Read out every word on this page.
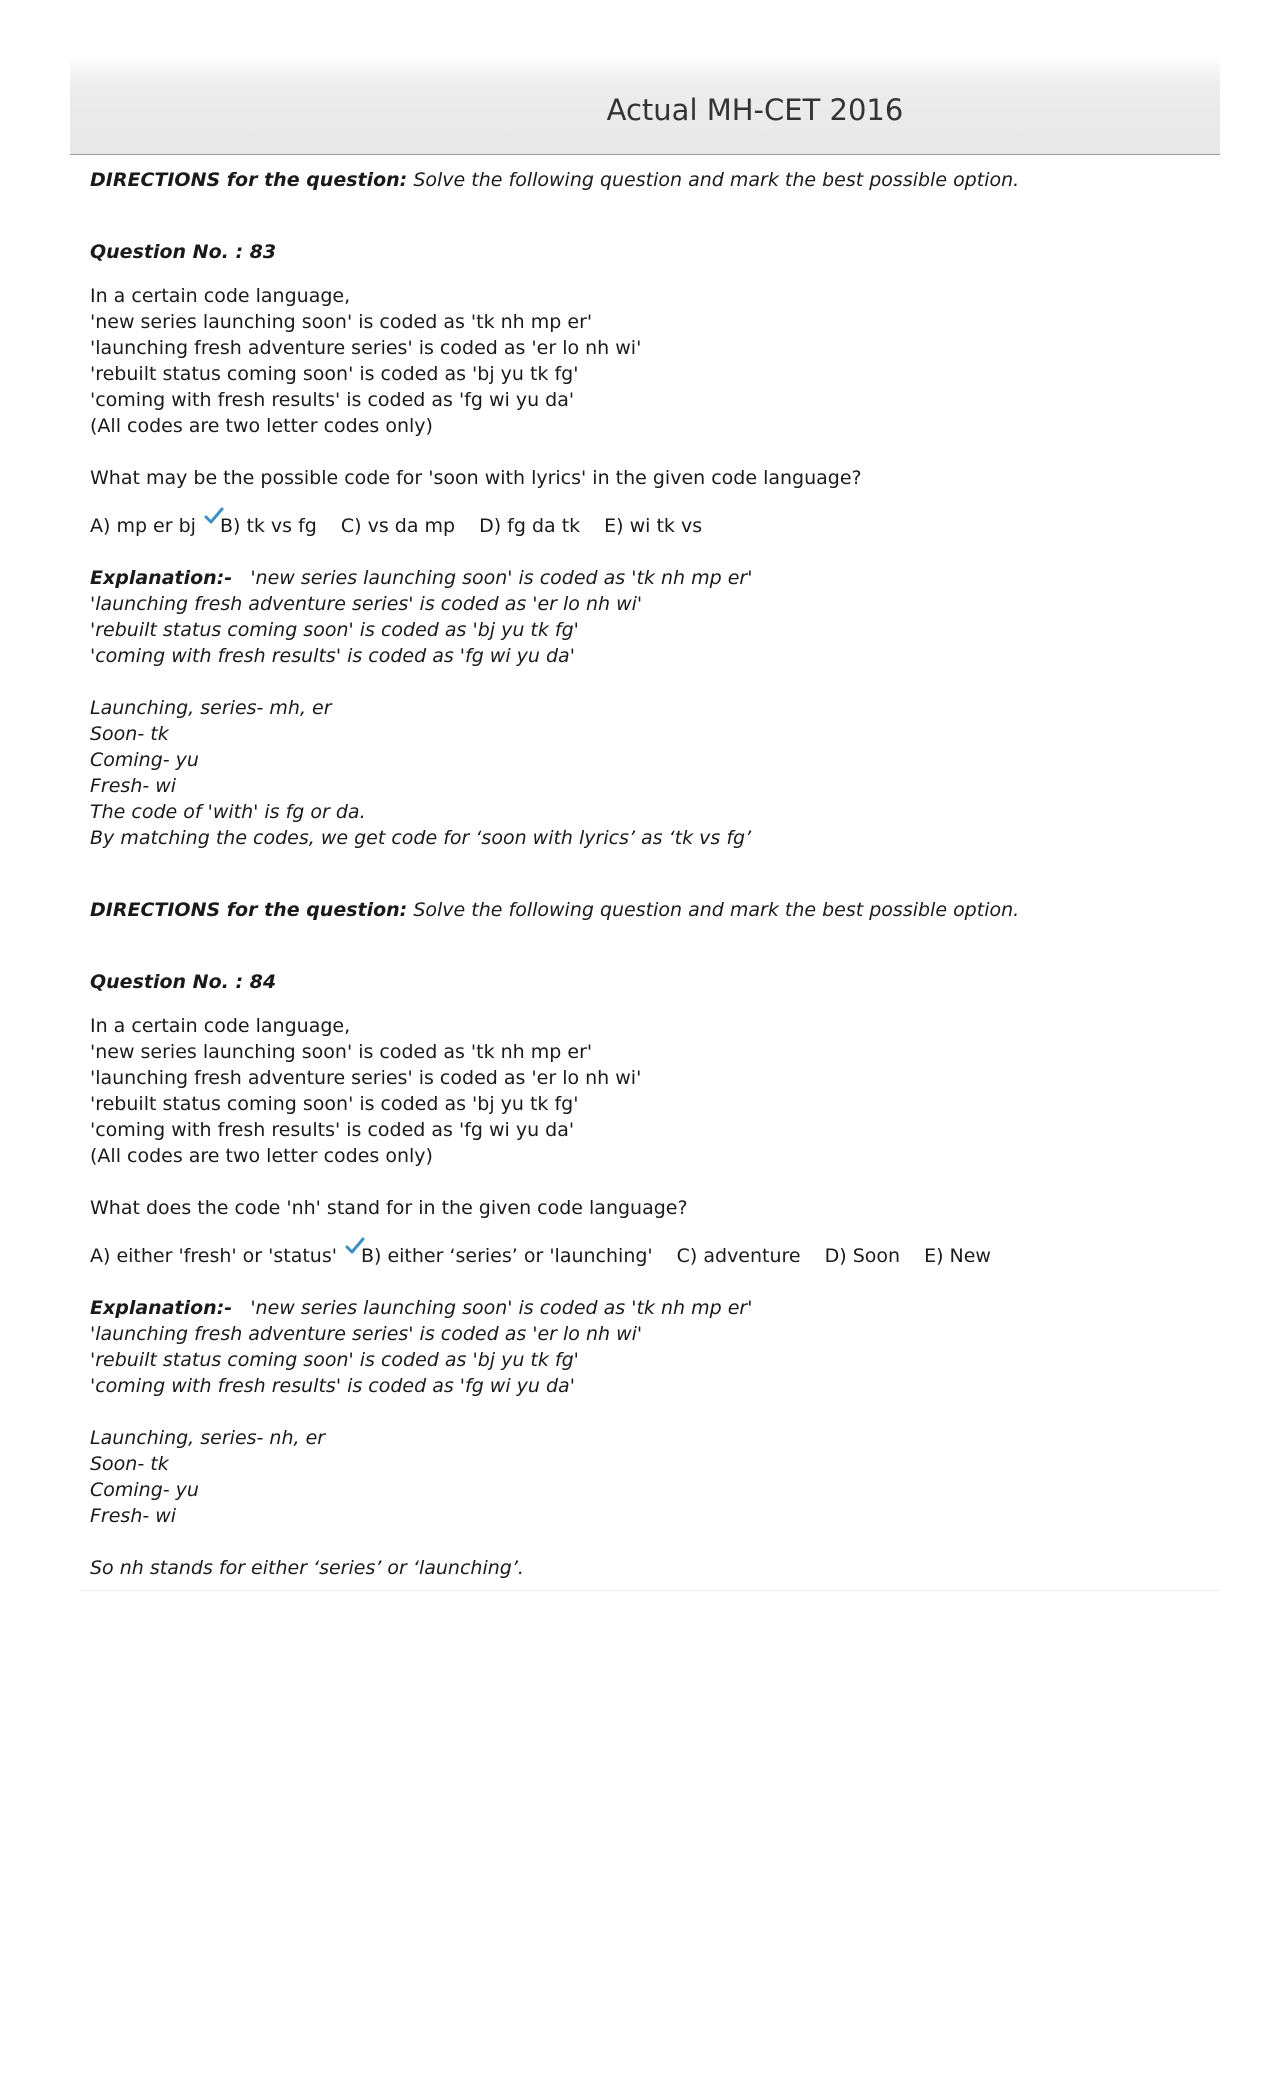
Actual MH-CET 2016

DIRECTIONS for the question: Solve the following question and mark the best possible option.

Question No. : 83

In a certain code language,
'new series launching soon' is coded as 'tk nh mp er'
'launching fresh adventure series' is coded as 'er lo nh wi'
'rebuilt status coming soon' is coded as 'bj yu tk fg'
'coming with fresh results' is coded as 'fg wi yu da'
(All codes are two letter codes only)

What may be the possible code for 'soon with lyrics' in the given code language?

A) mp er bj B) tk vs fg C) vs da mp D) fg da tk E) wi tk vs
Explanation:- 'new series launching soon' is coded as 'tk nh mp er'
'launching fresh adventure series' is coded as 'er lo nh wi'
'rebuilt status coming soon' is coded as 'bj yu tk fg'
'coming with fresh results' is coded as 'fg wi yu da'
Launching, series- mh, er
Soon- tk
Coming- yu
Fresh- wi
The code of 'with' is fg or da.
By matching the codes, we get code for ‘soon with lyrics’ as ‘tk vs fg’

DIRECTIONS for the question: Solve the following question and mark the best possible option.

Question No. : 84

In a certain code language,
'new series launching soon' is coded as 'tk nh mp er'
'launching fresh adventure series' is coded as 'er lo nh wi'
'rebuilt status coming soon' is coded as 'bj yu tk fg'
'coming with fresh results' is coded as 'fg wi yu da'
(All codes are two letter codes only)

What does the code 'nh' stand for in the given code language?

A) either 'fresh' or 'status' B) either ‘series’ or 'launching' C) adventure D) Soon E) New
Explanation:- 'new series launching soon' is coded as 'tk nh mp er'
'launching fresh adventure series' is coded as 'er lo nh wi'
'rebuilt status coming soon' is coded as 'bj yu tk fg'
'coming with fresh results' is coded as 'fg wi yu da'
Launching, series- nh, er
Soon- tk
Coming- yu
Fresh- wi
So nh stands for either ‘series’ or ‘launching’.
